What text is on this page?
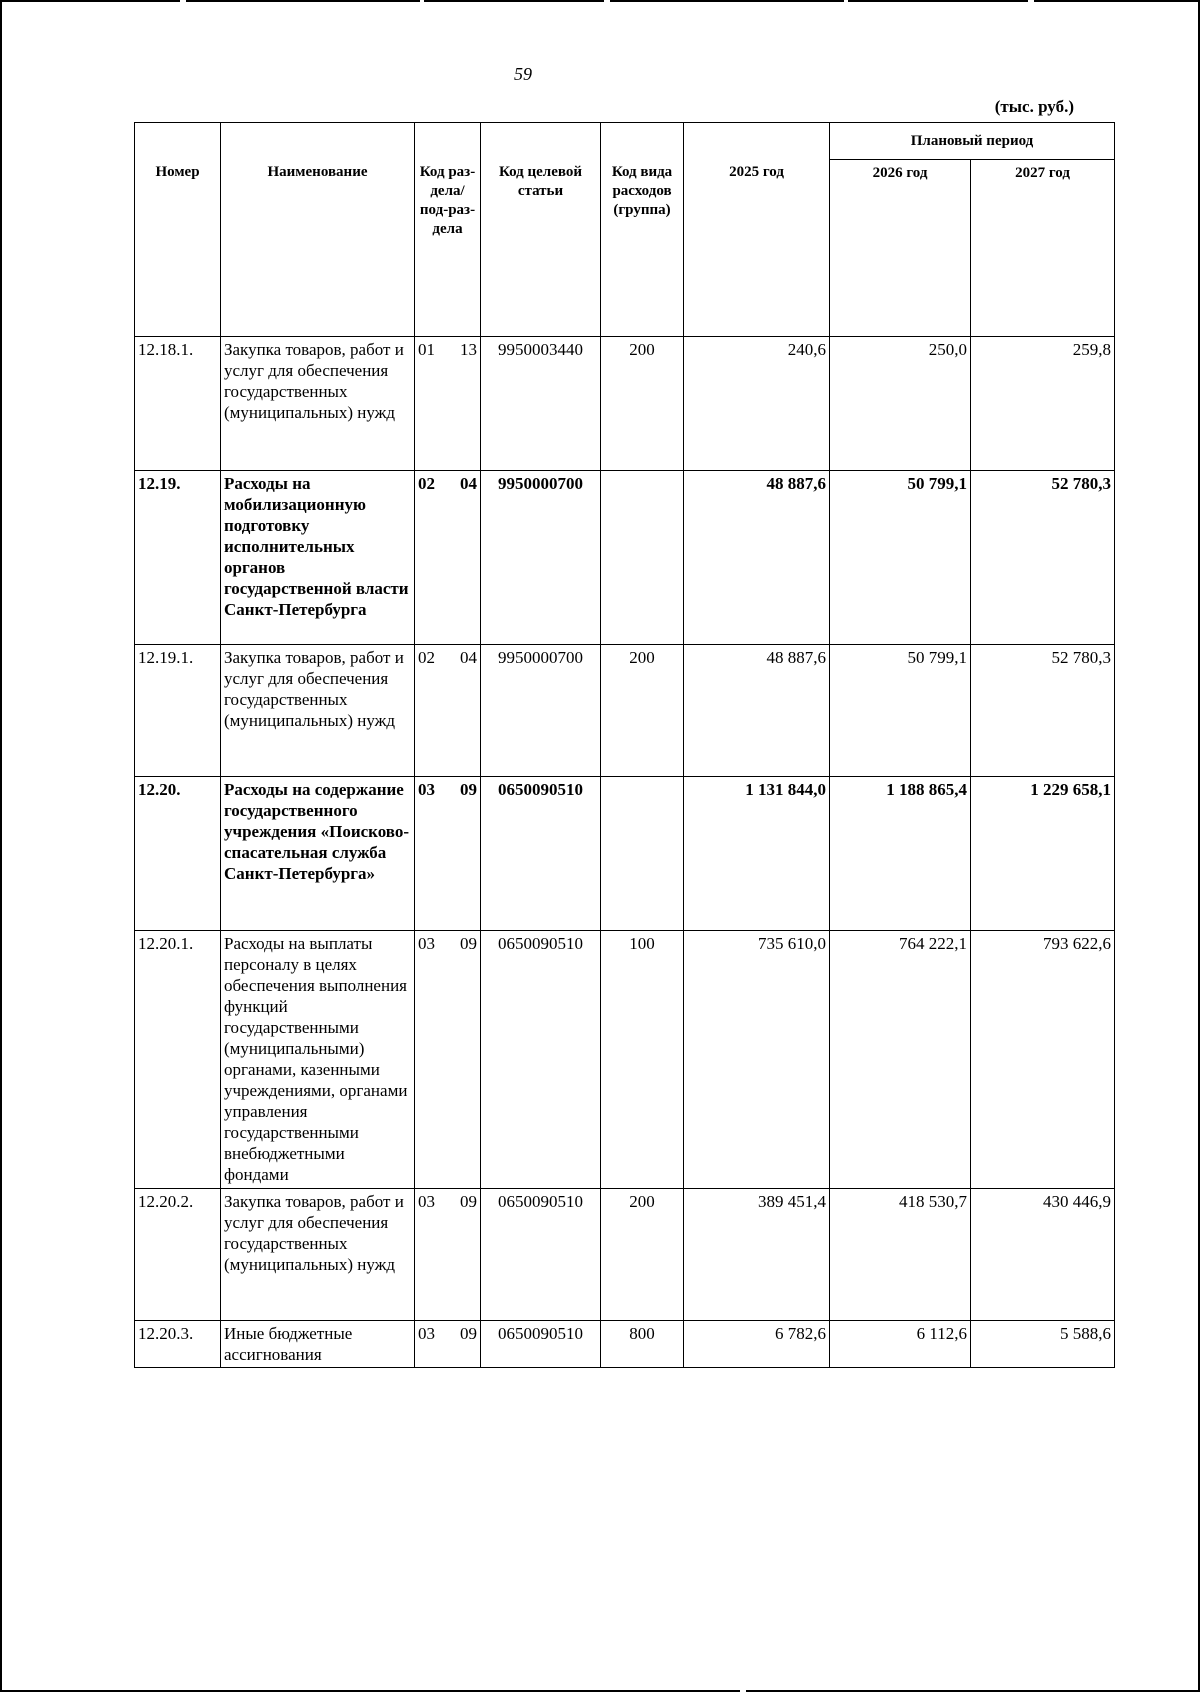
59
(тыс. руб.)
Номер	Наименование	Код раз-дела/ под-раз-дела	Код целевой статьи	Код вида расходов (группа)	2025 год	Плановый период	
						2026 год	2027 год
12.18.1.	Закупка товаров, работ и услуг для обеспечения государственных (муниципальных) нужд	01 13	9950003440	200	240,6	250,0	259,8
12.19.	Расходы на мобилизационную подготовку исполнительных органов государственной власти Санкт-Петербурга	02 04	9950000700		48 887,6	50 799,1	52 780,3
12.19.1.	Закупка товаров, работ и услуг для обеспечения государственных (муниципальных) нужд	02 04	9950000700	200	48 887,6	50 799,1	52 780,3
12.20.	Расходы на содержание государственного учреждения «Поисково-спасательная служба Санкт-Петербурга»	03 09	0650090510		1 131 844,0	1 188 865,4	1 229 658,1
12.20.1.	Расходы на выплаты персоналу в целях обеспечения выполнения функций государственными (муниципальными) органами, казенными учреждениями, органами управления государственными внебюджетными фондами	03 09	0650090510	100	735 610,0	764 222,1	793 622,6
12.20.2.	Закупка товаров, работ и услуг для обеспечения государственных (муниципальных) нужд	03 09	0650090510	200	389 451,4	418 530,7	430 446,9
12.20.3.	Иные бюджетные ассигнования	03 09	0650090510	800	6 782,6	6 112,6	5 588,6
